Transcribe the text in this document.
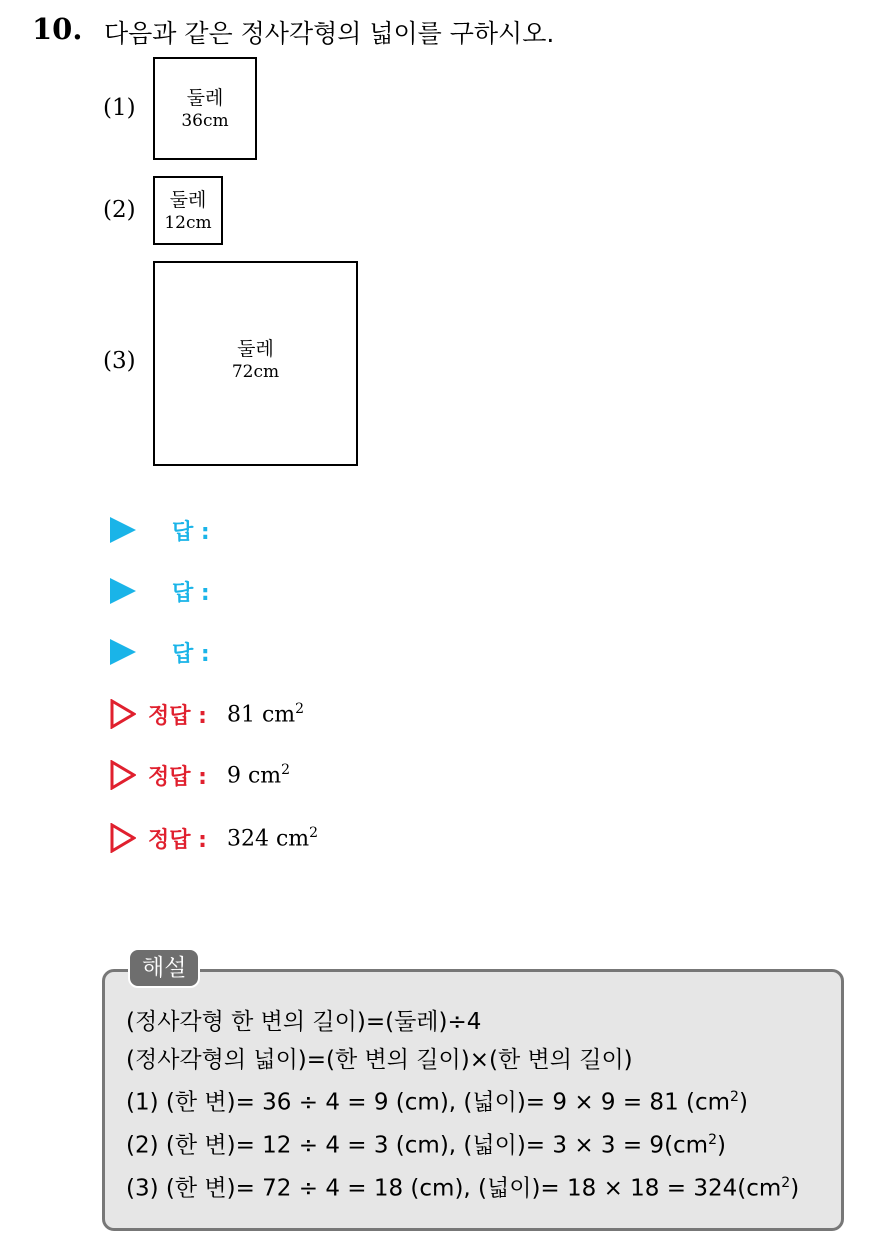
10. 다음과 같은 정사각형의 넓이를 구하시오.
(1)	둘레
36cm
(2) 둘레
12cm
(3)	둘레
72cm
답 :
답 :
답 :
정답 : 81 $cm^2$
정답 : 9 $cm^2$
정답 : 324 $cm^2$
해설
(정사각형 한 변의 길이)=(둘레)÷4
(정사각형의 넓이)=(한 변의 길이)×(한 변의 길이)
(1) (한 변)= 36 ÷ 4 = 9 (cm), (넓이)= 9 × 9 = 81 $(cm^2)$
(2) (한 변)= 12 ÷ 4 = 3 (cm), (넓이)= $3 \times 3 = 9(cm^2)$
(3) (한 변)= 72 ÷ 4 = 18 (cm), (넓이)= $18 \times 18 = 324(cm^2)$
